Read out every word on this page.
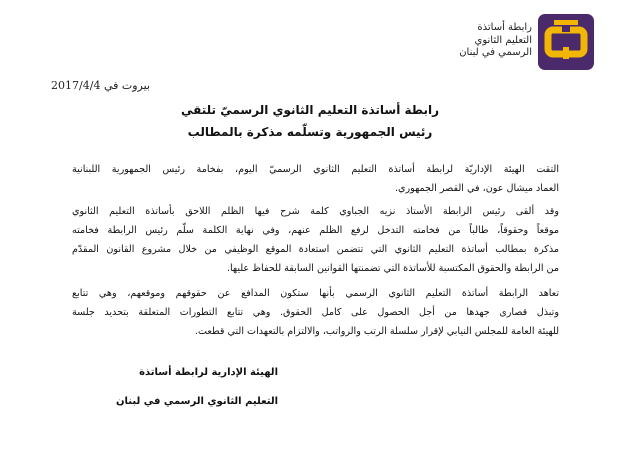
رابطة أساتذة
التعليم الثانوي
الرسمي في لبنان
بيروت في 2017/4/4
رابطة أساتذة التعليم الثانوي الرسميّ تلتقي
رئيس الجمهورية وتسلّمه مذكرة بالمطالب
التقت الهيئة الإداريّة لرابطة أساتذة التعليم الثانوي الرسميّ اليوم، بفخامة رئيس الجمهورية اللبنانية
العماد ميشال عون، في القصر الجمهوري.
وقد ألقى رئيس الرابطة الأستاذ نزيه الجباوي كلمة شرح فيها الظلم اللاحق بأساتذة التعليم الثانوي
موقعاً وحقوقاً، طالباً من فخامته التدخل لرفع الظلم عنهم، وفي نهاية الكلمة سلّم رئيس الرابطة فخامته
مذكرة بمطالب أساتذة التعليم الثانوي التي تتضمن استعادة الموقع الوظيفي من خلال مشروع القانون المقدّم
من الرابطة والحقوق المكتسبة للأساتذة التي تضمنتها القوانين السابقة للحفاظ عليها.
تعاهد الرابطة أساتذة التعليم الثانوي الرسمي بأنها ستكون المدافع عن حقوقهم وموقعهم، وهي تتابع
وتبذل قصارى جهدها من أجل الحصول على كامل الحقوق. وهي تتابع التطورات المتعلقة بتحديد جلسة
للهيئة العامة للمجلس النيابي لإقرار سلسلة الرتب والرواتب، والالتزام بالتعهدات التي قطعت.
الهيئة الإدارية لرابطة أساتذة
التعليم الثانوي الرسمي في لبنان
